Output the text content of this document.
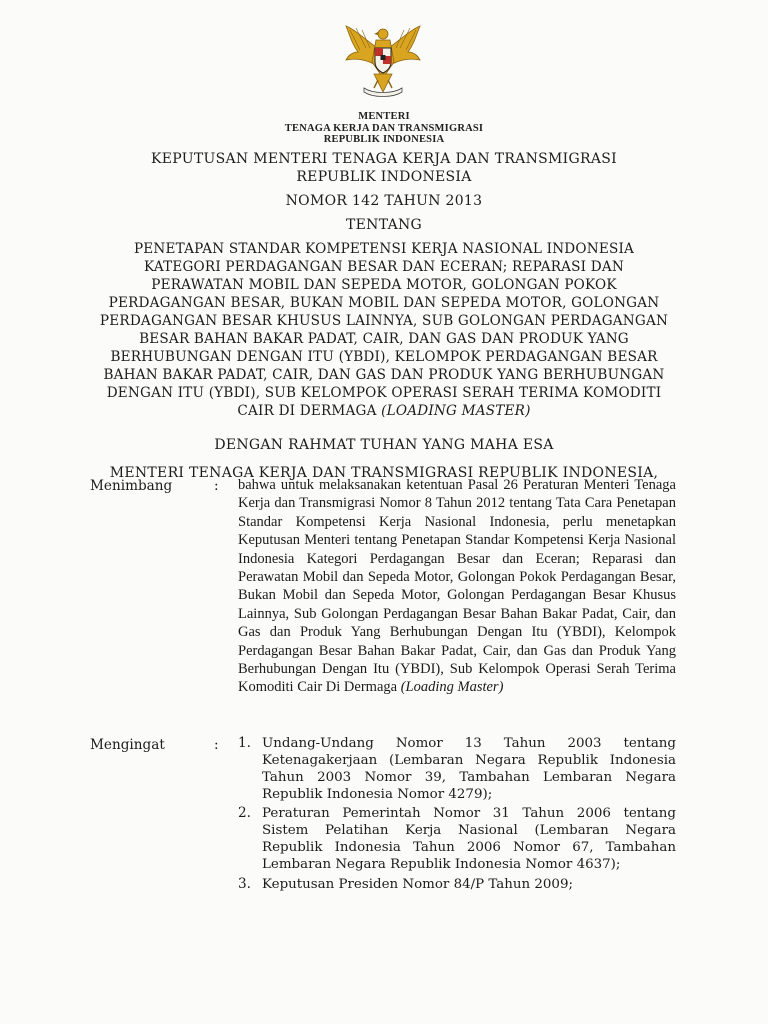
MENTERI
TENAGA KERJA DAN TRANSMIGRASI
REPUBLIK INDONESIA
KEPUTUSAN MENTERI TENAGA KERJA DAN TRANSMIGRASI
REPUBLIK INDONESIA
NOMOR 142 TAHUN 2013
TENTANG
PENETAPAN STANDAR KOMPETENSI KERJA NASIONAL INDONESIA
KATEGORI PERDAGANGAN BESAR DAN ECERAN; REPARASI DAN
PERAWATAN MOBIL DAN SEPEDA MOTOR, GOLONGAN POKOK
PERDAGANGAN BESAR, BUKAN MOBIL DAN SEPEDA MOTOR, GOLONGAN
PERDAGANGAN BESAR KHUSUS LAINNYA, SUB GOLONGAN PERDAGANGAN
BESAR BAHAN BAKAR PADAT, CAIR, DAN GAS DAN PRODUK YANG
BERHUBUNGAN DENGAN ITU (YBDI), KELOMPOK PERDAGANGAN BESAR
BAHAN BAKAR PADAT, CAIR, DAN GAS DAN PRODUK YANG BERHUBUNGAN
DENGAN ITU (YBDI), SUB KELOMPOK OPERASI SERAH TERIMA KOMODITI
CAIR DI DERMAGA (LOADING MASTER)
DENGAN RAHMAT TUHAN YANG MAHA ESA
MENTERI TENAGA KERJA DAN TRANSMIGRASI REPUBLIK INDONESIA,
Menimbang	: bahwa untuk melaksanakan ketentuan Pasal 26 Peraturan Menteri Tenaga Kerja dan Transmigrasi Nomor 8 Tahun 2012 tentang Tata Cara Penetapan Standar Kompetensi Kerja Nasional Indonesia, perlu menetapkan Keputusan Menteri tentang Penetapan Standar Kompetensi Kerja Nasional Indonesia Kategori Perdagangan Besar dan Eceran; Reparasi dan Perawatan Mobil dan Sepeda Motor, Golongan Pokok Perdagangan Besar, Bukan Mobil dan Sepeda Motor, Golongan Perdagangan Besar Khusus Lainnya, Sub Golongan Perdagangan Besar Bahan Bakar Padat, Cair, dan Gas dan Produk Yang Berhubungan Dengan Itu (YBDI), Kelompok Perdagangan Besar Bahan Bakar Padat, Cair, dan Gas dan Produk Yang Berhubungan Dengan Itu (YBDI), Sub Kelompok Operasi Serah Terima Komoditi Cair Di Dermaga (Loading Master)
Mengingat	: 1. Undang-Undang Nomor 13 Tahun 2003 tentang Ketenagakerjaan (Lembaran Negara Republik Indonesia Tahun 2003 Nomor 39, Tambahan Lembaran Negara Republik Indonesia Nomor 4279);
2. Peraturan Pemerintah Nomor 31 Tahun 2006 tentang Sistem Pelatihan Kerja Nasional (Lembaran Negara Republik Indonesia Tahun 2006 Nomor 67, Tambahan Lembaran Negara Republik Indonesia Nomor 4637);
3. Keputusan Presiden Nomor 84/P Tahun 2009;
